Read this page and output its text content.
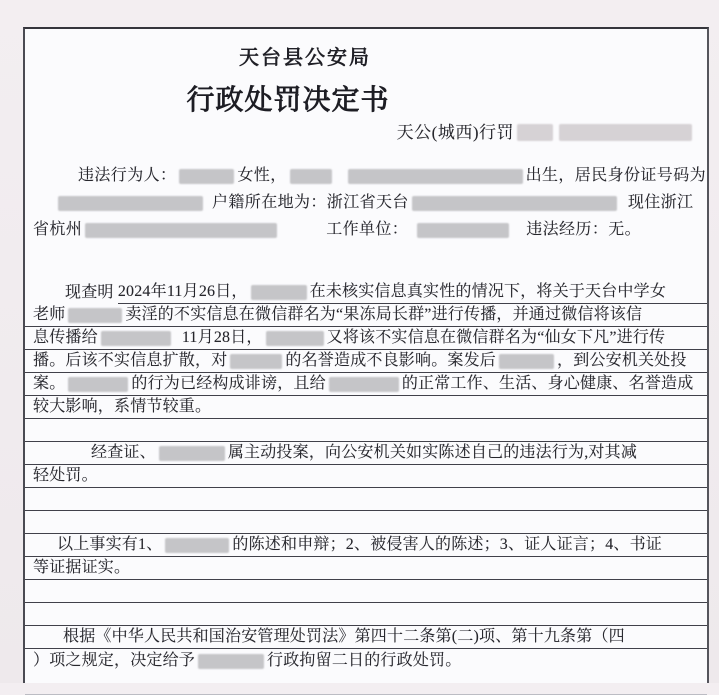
天台县公安局
行政处罚决定书
天公(城西)行罚
违法行为人：	女性，	出生，居民身份证号码为
户籍所在地为：浙江省天台	现住浙江
省杭州	工作单位：	违法经历：无。
现查明 2024年11月26日，	在未核实信息真实性的情况下，将关于天台中学女
老师	卖淫的不实信息在微信群名为“果冻局长群”进行传播，并通过微信将该信
息传播给	11月28日，	又将该不实信息在微信群名为“仙女下凡”进行传
播。后该不实信息扩散，对	的名誉造成不良影响。案发后	，到公安机关处投
案。	的行为已经构成诽谤，且给	的正常工作、生活、身心健康、名誉造成
较大影响，系情节较重。
经查证、	属主动投案，向公安机关如实陈述自己的违法行为,对其减
轻处罚。
以上事实有1、	的陈述和申辩；2、被侵害人的陈述；3、证人证言；4、书证
等证据证实。
根据《中华人民共和国治安管理处罚法》第四十二条第(二)项、第十九条第（四
）项之规定，决定给予	行政拘留二日的行政处罚。
